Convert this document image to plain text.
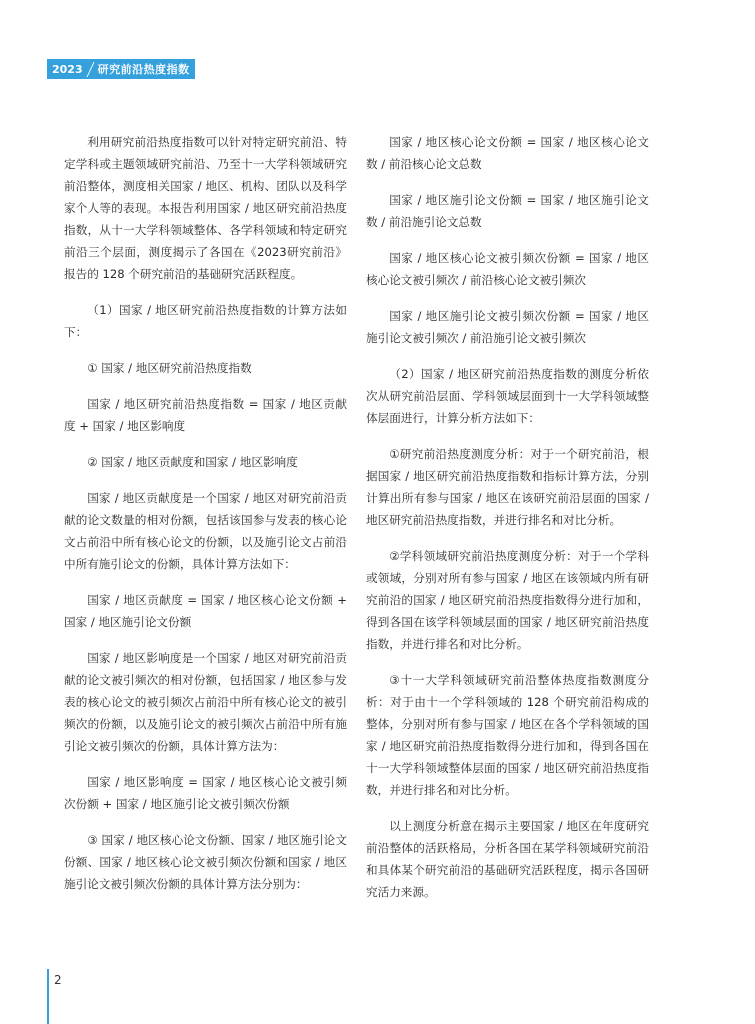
2023 研究前沿热度指数

利用研究前沿热度指数可以针对特定研究前沿、特定学科或主题领域研究前沿、乃至十一大学科领域研究前沿整体，测度相关国家 / 地区、机构、团队以及科学家个人等的表现。本报告利用国家 / 地区研究前沿热度指数，从十一大学科领域整体、各学科领域和特定研究前沿三个层面，测度揭示了各国在《2023研究前沿》报告的 128 个研究前沿的基础研究活跃程度。

（1）国家 / 地区研究前沿热度指数的计算方法如下：

① 国家 / 地区研究前沿热度指数

国家 / 地区研究前沿热度指数 = 国家 / 地区贡献度 + 国家 / 地区影响度

② 国家 / 地区贡献度和国家 / 地区影响度

国家 / 地区贡献度是一个国家 / 地区对研究前沿贡献的论文数量的相对份额，包括该国参与发表的核心论文占前沿中所有核心论文的份额，以及施引论文占前沿中所有施引论文的份额，具体计算方法如下：

国家 / 地区贡献度 = 国家 / 地区核心论文份额 + 国家 / 地区施引论文份额

国家 / 地区影响度是一个国家 / 地区对研究前沿贡献的论文被引频次的相对份额，包括国家 / 地区参与发表的核心论文的被引频次占前沿中所有核心论文的被引频次的份额，以及施引论文的被引频次占前沿中所有施引论文被引频次的份额，具体计算方法为：

国家 / 地区影响度 = 国家 / 地区核心论文被引频次份额 + 国家 / 地区施引论文被引频次份额

③ 国家 / 地区核心论文份额、国家 / 地区施引论文份额、国家 / 地区核心论文被引频次份额和国家 / 地区施引论文被引频次份额的具体计算方法分别为：

国家 / 地区核心论文份额 = 国家 / 地区核心论文数 / 前沿核心论文总数

国家 / 地区施引论文份额 = 国家 / 地区施引论文数 / 前沿施引论文总数

国家 / 地区核心论文被引频次份额 = 国家 / 地区核心论文被引频次 / 前沿核心论文被引频次

国家 / 地区施引论文被引频次份额 = 国家 / 地区施引论文被引频次 / 前沿施引论文被引频次

（2）国家 / 地区研究前沿热度指数的测度分析依次从研究前沿层面、学科领域层面到十一大学科领域整体层面进行，计算分析方法如下：

①研究前沿热度测度分析：对于一个研究前沿，根据国家 / 地区研究前沿热度指数和指标计算方法，分别计算出所有参与国家 / 地区在该研究前沿层面的国家 / 地区研究前沿热度指数，并进行排名和对比分析。

②学科领域研究前沿热度测度分析：对于一个学科或领域，分别对所有参与国家 / 地区在该领域内所有研究前沿的国家 / 地区研究前沿热度指数得分进行加和，得到各国在该学科领域层面的国家 / 地区研究前沿热度指数，并进行排名和对比分析。

③十一大学科领域研究前沿整体热度指数测度分析：对于由十一个学科领域的 128 个研究前沿构成的整体，分别对所有参与国家 / 地区在各个学科领域的国家 / 地区研究前沿热度指数得分进行加和，得到各国在十一大学科领域整体层面的国家 / 地区研究前沿热度指数，并进行排名和对比分析。

以上测度分析意在揭示主要国家 / 地区在年度研究前沿整体的活跃格局，分析各国在某学科领域研究前沿和具体某个研究前沿的基础研究活跃程度，揭示各国研究活力来源。

2
